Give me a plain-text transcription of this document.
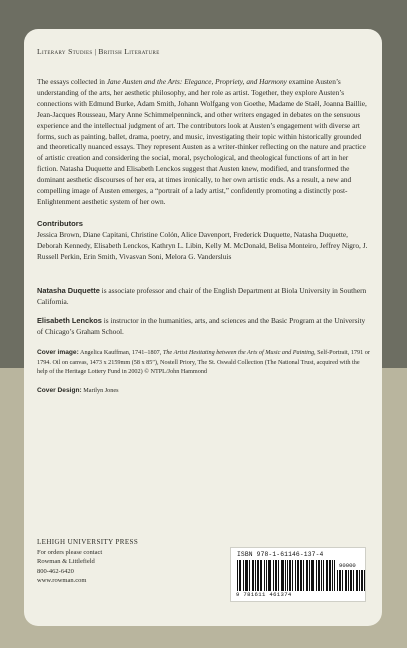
Literary Studies | British Literature

The essays collected in Jane Austen and the Arts: Elegance, Propriety, and Harmony examine Austen’s understanding of the arts, her aesthetic philosophy, and her role as artist. Together, they explore Austen’s connections with Edmund Burke, Adam Smith, Johann Wolfgang von Goethe, Madame de Staël, Joanna Baillie, Jean-Jacques Rousseau, Mary Anne Schimmelpenninck, and other writers engaged in debates on the sensuous experience and the intellectual judgment of art. The contributors look at Austen’s engagement with diverse art forms, such as painting, ballet, drama, poetry, and music, investigating their topic within historically grounded and theoretically nuanced essays. They represent Austen as a writer-thinker reflecting on the nature and practice of artistic creation and considering the social, moral, psychological, and theological functions of art in her fiction. Natasha Duquette and Elisabeth Lenckos suggest that Austen knew, modified, and transformed the dominant aesthetic discourses of her era, at times ironically, to her own artistic ends. As a result, a new and compelling image of Austen emerges, a “portrait of a lady artist,” confidently promoting a distinctly post-Enlightenment aesthetic system of her own.

Contributors

Jessica Brown, Diane Capitani, Christine Colón, Alice Davenport, Frederick Duquette, Natasha Duquette, Deborah Kennedy, Elisabeth Lenckos, Kathryn L. Libin, Kelly M. McDonald, Belisa Monteiro, Jeffrey Nigro, J. Russell Perkin, Erin Smith, Vivasvan Soni, Melora G. Vandersluis

Natasha Duquette is associate professor and chair of the English Department at Biola University in Southern California.

Elisabeth Lenckos is instructor in the humanities, arts, and sciences and the Basic Program at the University of Chicago’s Graham School.

Cover image: Angelica Kauffman, 1741–1807, The Artist Hesitating between the Arts of Music and Painting, Self-Portrait, 1791 or 1794. Oil on canvas, 1473 x 2159mm (58 x 85″), Nostell Priory, The St. Oswald Collection (The National Trust, acquired with the help of the Heritage Lottery Fund in 2002) © NTPL/John Hammond

Cover Design: Marilyn Jones

LEHIGH UNIVERSITY PRESS
For orders please contact
Rowman & Littlefield
800-462-6420
www.rowman.com
ISBN 978-1-61146-137-4
90000
9 781611 461374
